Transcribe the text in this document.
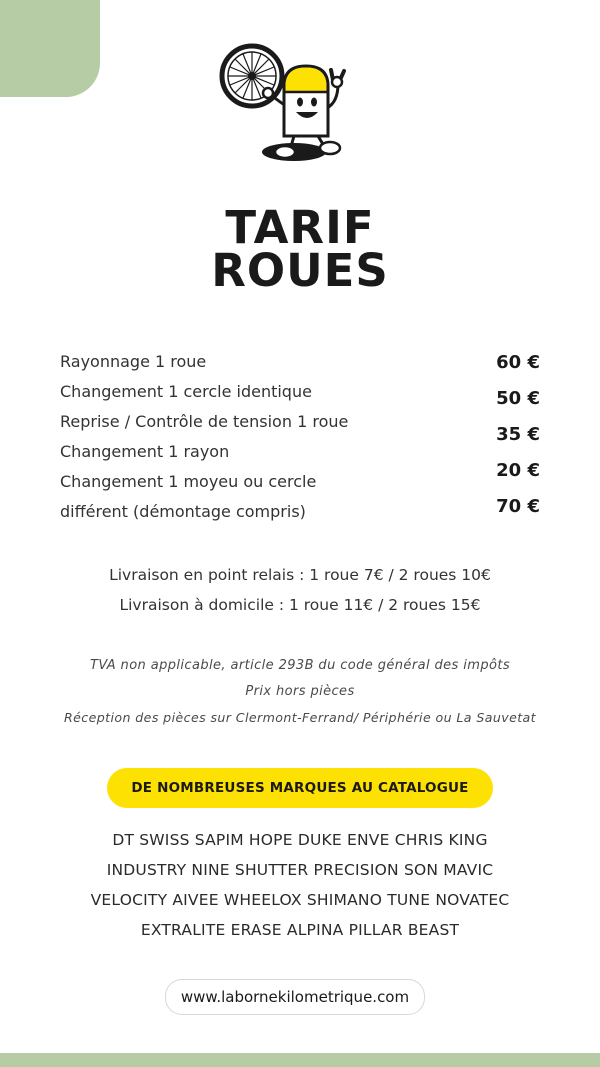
TARIF
ROUES
Rayonnage 1 roue
Changement 1 cercle identique
Reprise / Contrôle de tension 1 roue
Changement 1 rayon
Changement 1 moyeu ou cercle
différent (démontage compris)
60 €
50 €
35 €
20 €
70 €
Livraison en point relais : 1 roue 7€ / 2 roues 10€
Livraison à domicile : 1 roue 11€ / 2 roues 15€
TVA non applicable, article 293B du code général des impôts
Prix hors pièces
Réception des pièces sur Clermont-Ferrand/ Périphérie ou La Sauvetat
DE NOMBREUSES MARQUES AU CATALOGUE
DT SWISS SAPIM HOPE DUKE ENVE CHRIS KING
INDUSTRY NINE SHUTTER PRECISION SON MAVIC
VELOCITY AIVEE WHEELOX SHIMANO TUNE NOVATEC
EXTRALITE ERASE ALPINA PILLAR BEAST
www.labornekilometrique.com
